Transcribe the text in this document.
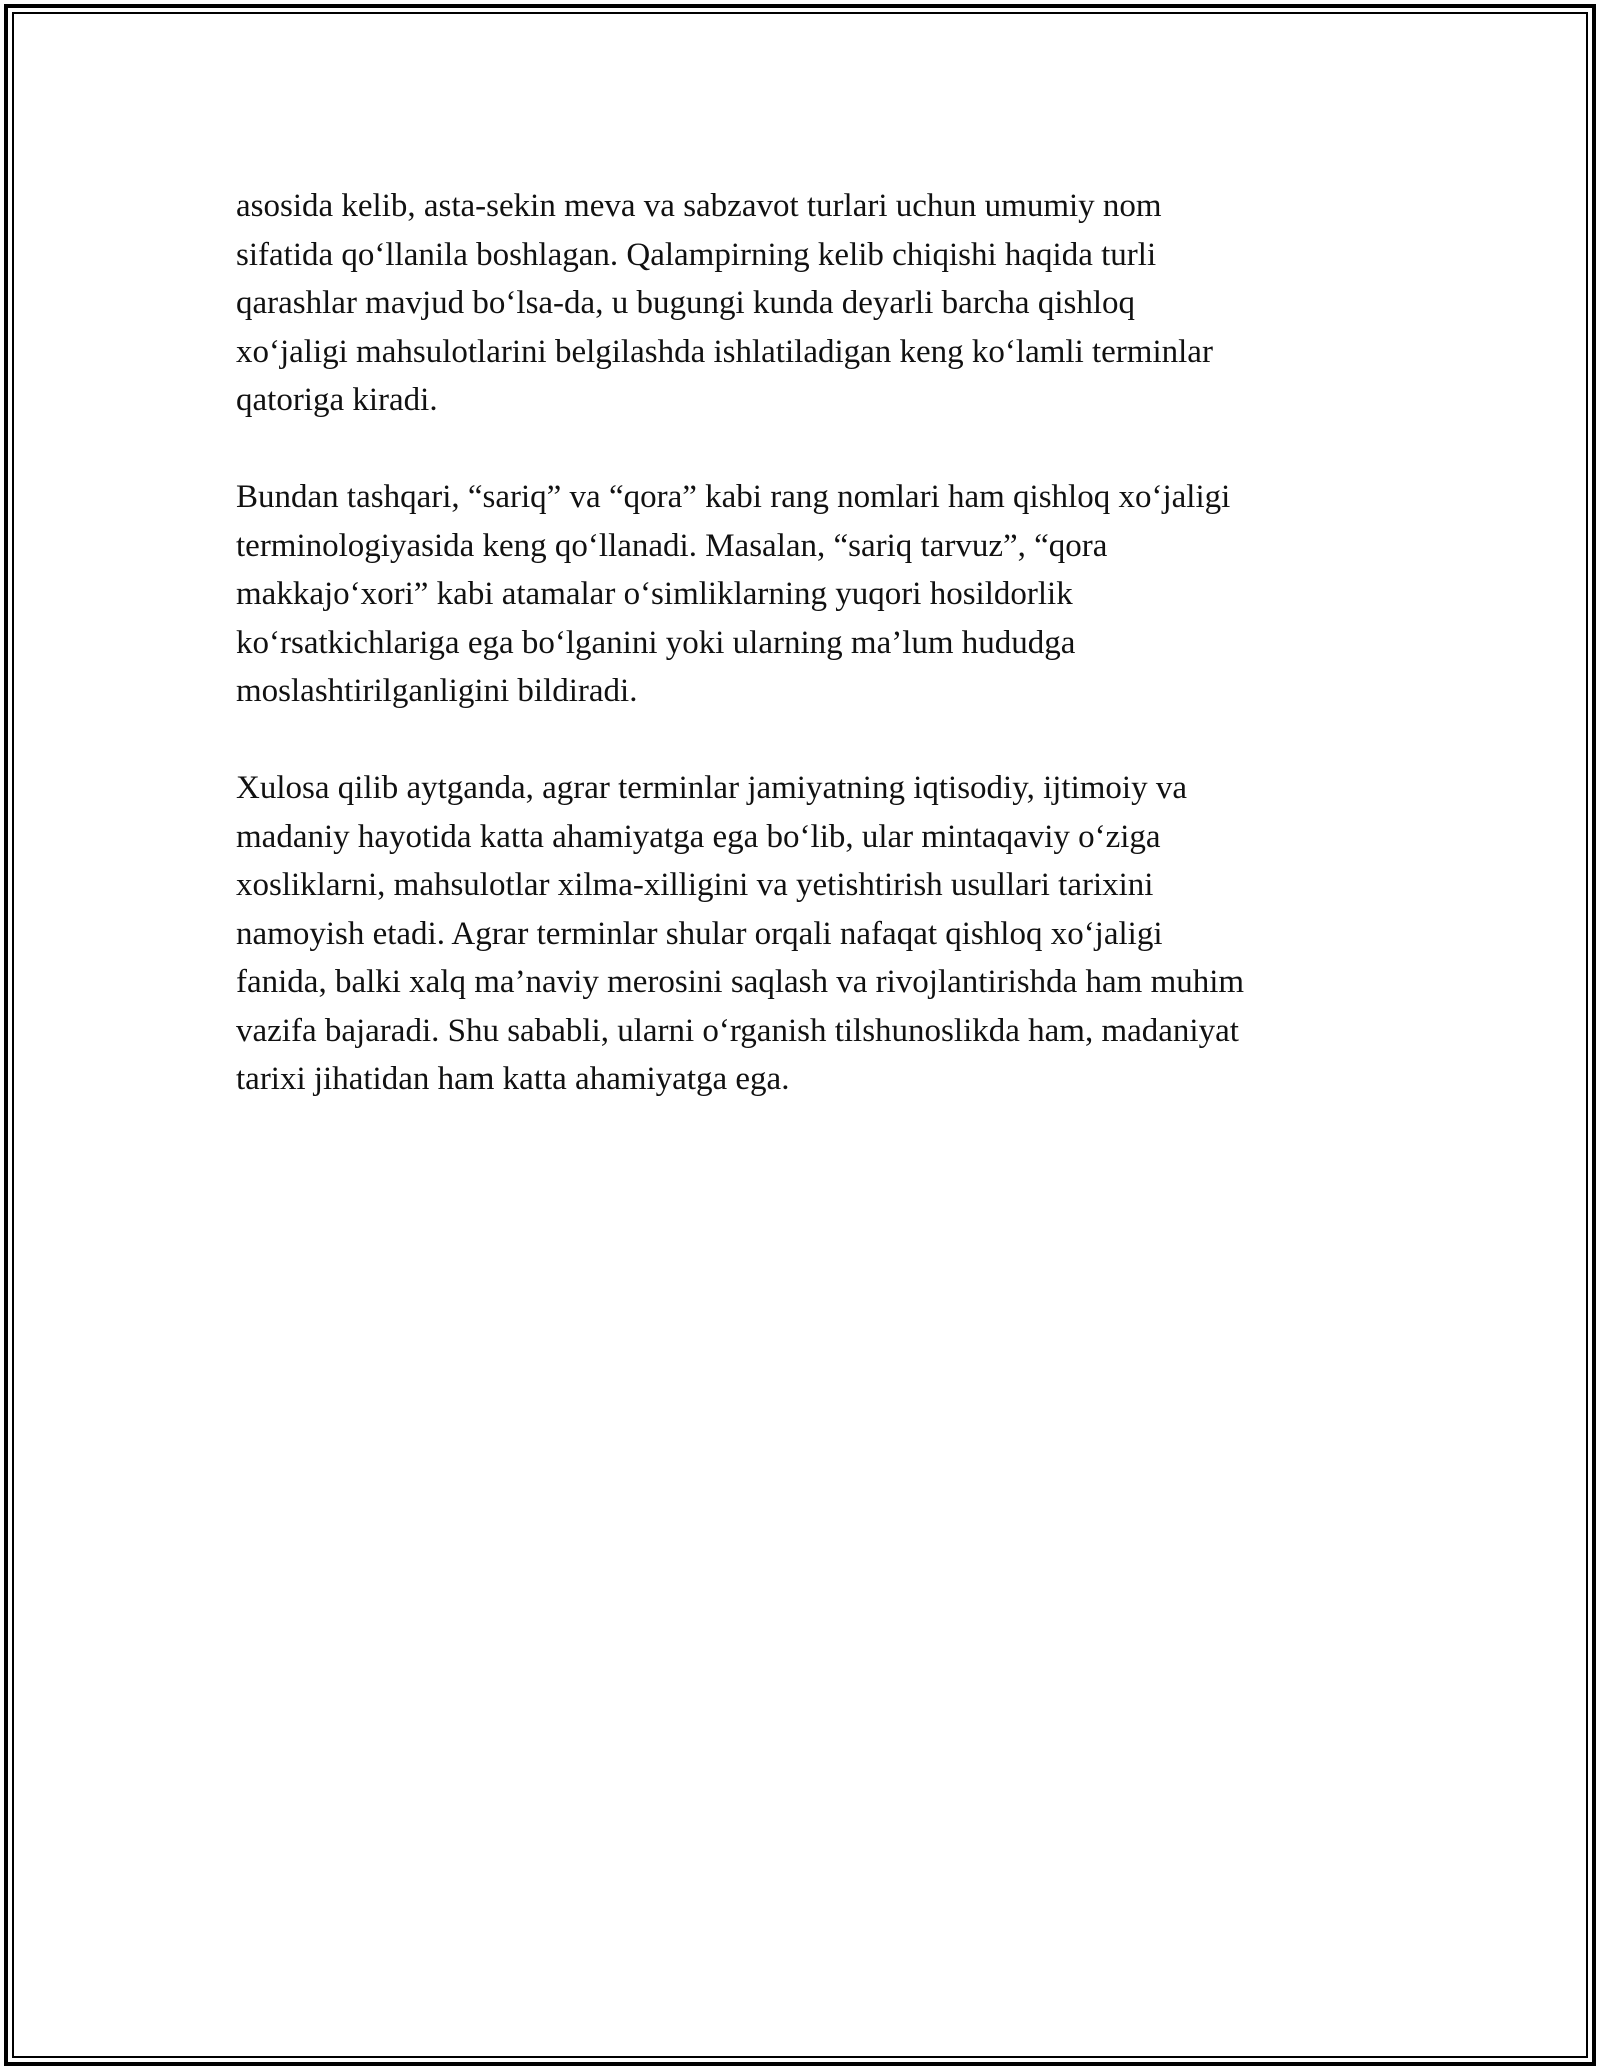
asosida kelib, asta-sekin meva va sabzavot turlari uchun umumiy nom
sifatida qo‘llanila boshlagan. Qalampirning kelib chiqishi haqida turli
qarashlar mavjud bo‘lsa-da, u bugungi kunda deyarli barcha qishloq
xo‘jaligi mahsulotlarini belgilashda ishlatiladigan keng ko‘lamli terminlar
qatoriga kiradi.

Bundan tashqari, “sariq” va “qora” kabi rang nomlari ham qishloq xo‘jaligi
terminologiyasida keng qo‘llanadi. Masalan, “sariq tarvuz”, “qora
makkajo‘xori” kabi atamalar o‘simliklarning yuqori hosildorlik
ko‘rsatkichlariga ega bo‘lganini yoki ularning ma’lum hududga
moslashtirilganligini bildiradi.

Xulosa qilib aytganda, agrar terminlar jamiyatning iqtisodiy, ijtimoiy va
madaniy hayotida katta ahamiyatga ega bo‘lib, ular mintaqaviy o‘ziga
xosliklarni, mahsulotlar xilma-xilligini va yetishtirish usullari tarixini
namoyish etadi. Agrar terminlar shular orqali nafaqat qishloq xo‘jaligi
fanida, balki xalq ma’naviy merosini saqlash va rivojlantirishda ham muhim
vazifa bajaradi. Shu sababli, ularni o‘rganish tilshunoslikda ham, madaniyat
tarixi jihatidan ham katta ahamiyatga ega.
